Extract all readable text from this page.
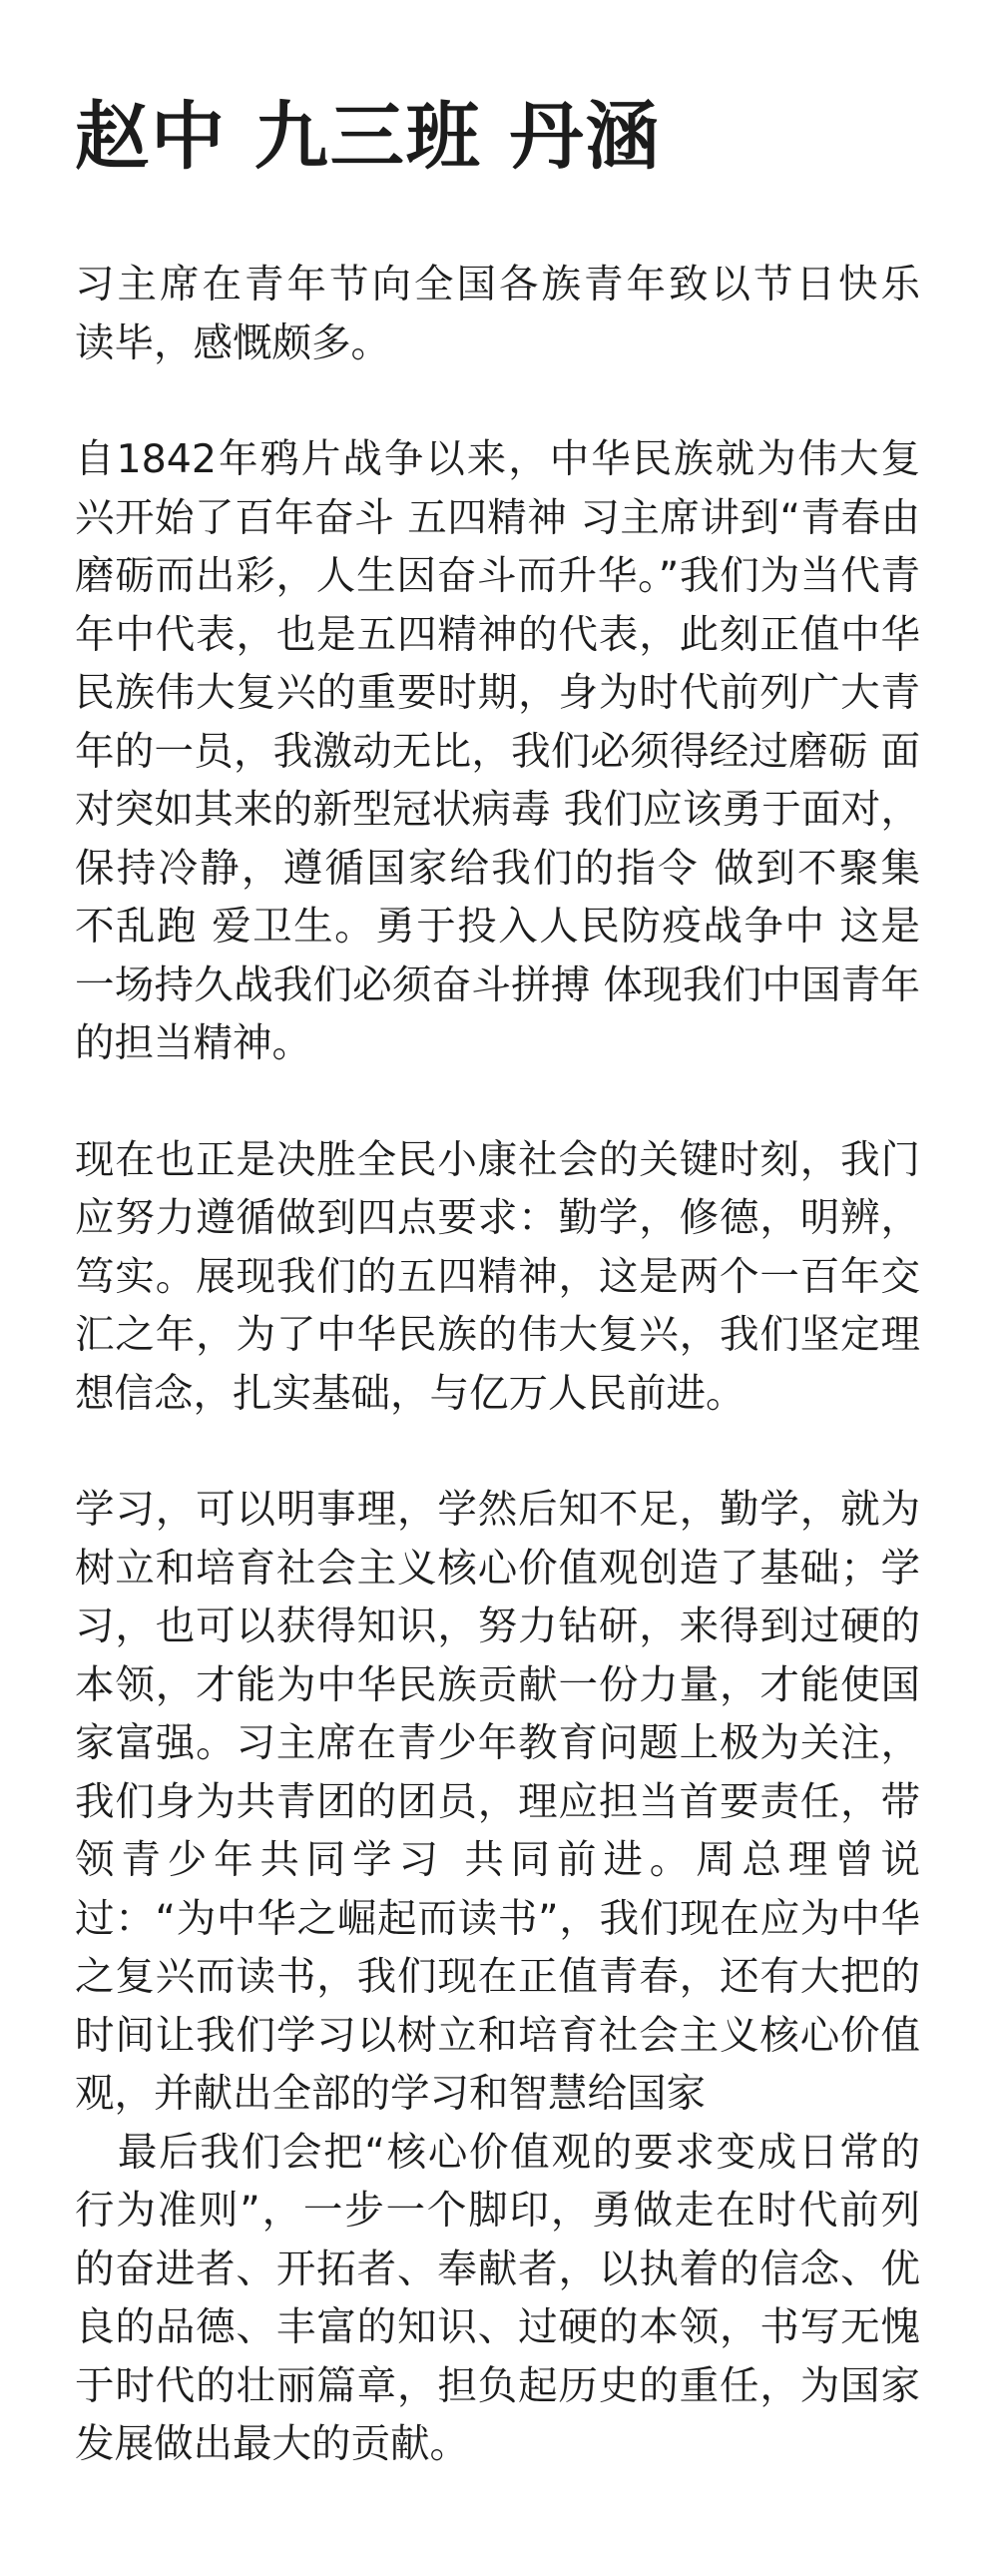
赵中 九三班 丹涵
习主席在青年节向全国各族青年致以节日快乐  读毕，感慨颇多。
自1842年鸦片战争以来，中华民族就为伟大复兴开始了百年奋斗 五四精神 习主席讲到“青春由磨砺而出彩，人生因奋斗而升华。”我们为当代青年中代表，也是五四精神的代表，此刻正值中华民族伟大复兴的重要时期，身为时代前列广大青年的一员，我激动无比，我们必须得经过磨砺 面对突如其来的新型冠状病毒 我们应该勇于面对，保持冷静，遵循国家给我们的指令 做到不聚集 不乱跑 爱卫生。勇于投入人民防疫战争中 这是一场持久战我们必须奋斗拼搏 体现我们中国青年的担当精神。
现在也正是决胜全民小康社会的关键时刻，我门应努力遵循做到四点要求：勤学，修德，明辨，笃实。展现我们的五四精神，这是两个一百年交汇之年，为了中华民族的伟大复兴，我们坚定理想信念，扎实基础，与亿万人民前进。
学习，可以明事理，学然后知不足，勤学，就为树立和培育社会主义核心价值观创造了基础；学习，也可以获得知识，努力钻研，来得到过硬的本领，才能为中华民族贡献一份力量，才能使国家富强。习主席在青少年教育问题上极为关注，我们身为共青团的团员，理应担当首要责任，带领青少年共同学习 共同前进。周总理曾说过：“为中华之崛起而读书”，我们现在应为中华之复兴而读书，我们现在正值青春，还有大把的时间让我们学习以树立和培育社会主义核心价值观，并献出全部的学习和智慧给国家
最后我们会把“核心价值观的要求变成日常的行为准则”，一步一个脚印，勇做走在时代前列的奋进者、开拓者、奉献者，以执着的信念、优良的品德、丰富的知识、过硬的本领，书写无愧于时代的壮丽篇章，担负起历史的重任，为国家发展做出最大的贡献。
